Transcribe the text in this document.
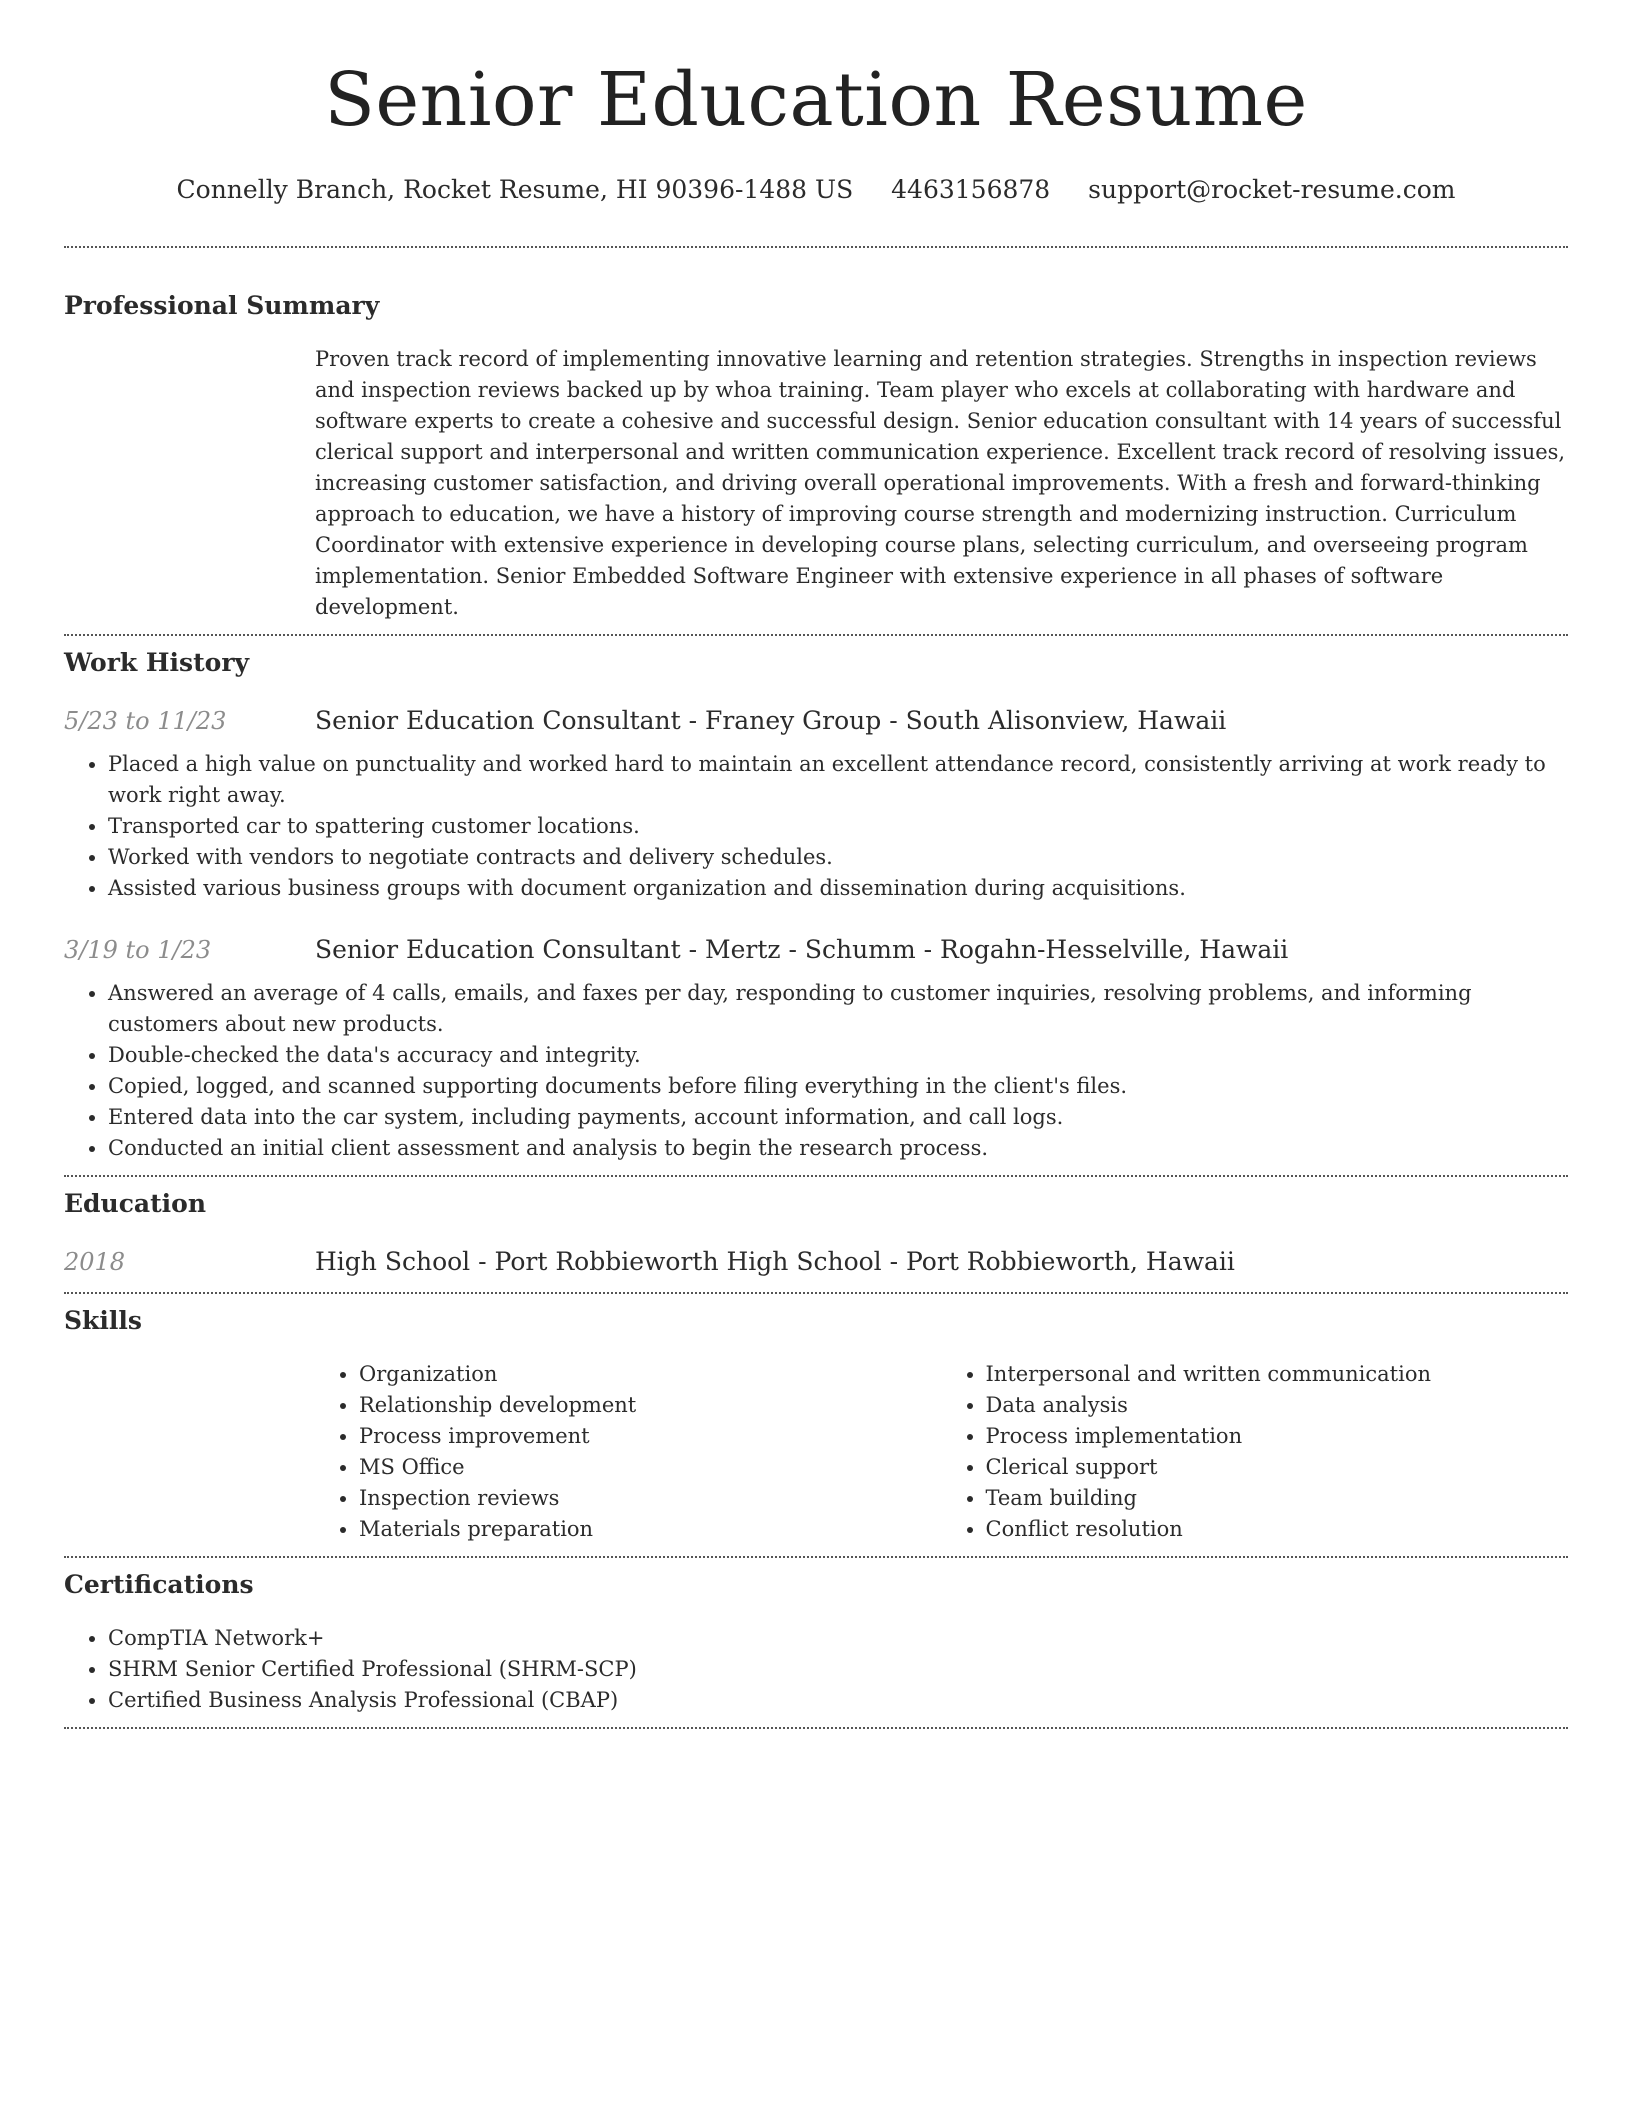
Senior Education Resume
Connelly Branch, Rocket Resume, HI 90396-1488 US 4463156878 support@rocket-resume.com
Professional Summary

Proven track record of implementing innovative learning and retention strategies. Strengths in inspection reviews and inspection reviews backed up by whoa training. Team player who excels at collaborating with hardware and software experts to create a cohesive and successful design. Senior education consultant with 14 years of successful clerical support and interpersonal and written communication experience. Excellent track record of resolving issues, increasing customer satisfaction, and driving overall operational improvements. With a fresh and forward-thinking approach to education, we have a history of improving course strength and modernizing instruction. Curriculum Coordinator with extensive experience in developing course plans, selecting curriculum, and overseeing program implementation. Senior Embedded Software Engineer with extensive experience in all phases of software development.

Work History
5/23 to 11/23	Senior Education Consultant - Franey Group - South Alisonview, Hawaii
• Placed a high value on punctuality and worked hard to maintain an excellent attendance record, consistently arriving at work ready to work right away.
• Transported car to spattering customer locations.
• Worked with vendors to negotiate contracts and delivery schedules.
• Assisted various business groups with document organization and dissemination during acquisitions.
3/19 to 1/23	Senior Education Consultant - Mertz - Schumm - Rogahn-Hesselville, Hawaii
• Answered an average of 4 calls, emails, and faxes per day, responding to customer inquiries, resolving problems, and informing customers about new products.
• Double-checked the data's accuracy and integrity.
• Copied, logged, and scanned supporting documents before filing everything in the client's files.
• Entered data into the car system, including payments, account information, and call logs.
• Conducted an initial client assessment and analysis to begin the research process.
Education
2018	High School - Port Robbieworth High School - Port Robbieworth, Hawaii
Skills
• Organization
• Relationship development
• Process improvement
• MS Office
• Inspection reviews
• Materials preparation
• Interpersonal and written communication
• Data analysis
• Process implementation
• Clerical support
• Team building
• Conflict resolution
Certifications
• CompTIA Network+
• SHRM Senior Certified Professional (SHRM-SCP)
• Certified Business Analysis Professional (CBAP)
